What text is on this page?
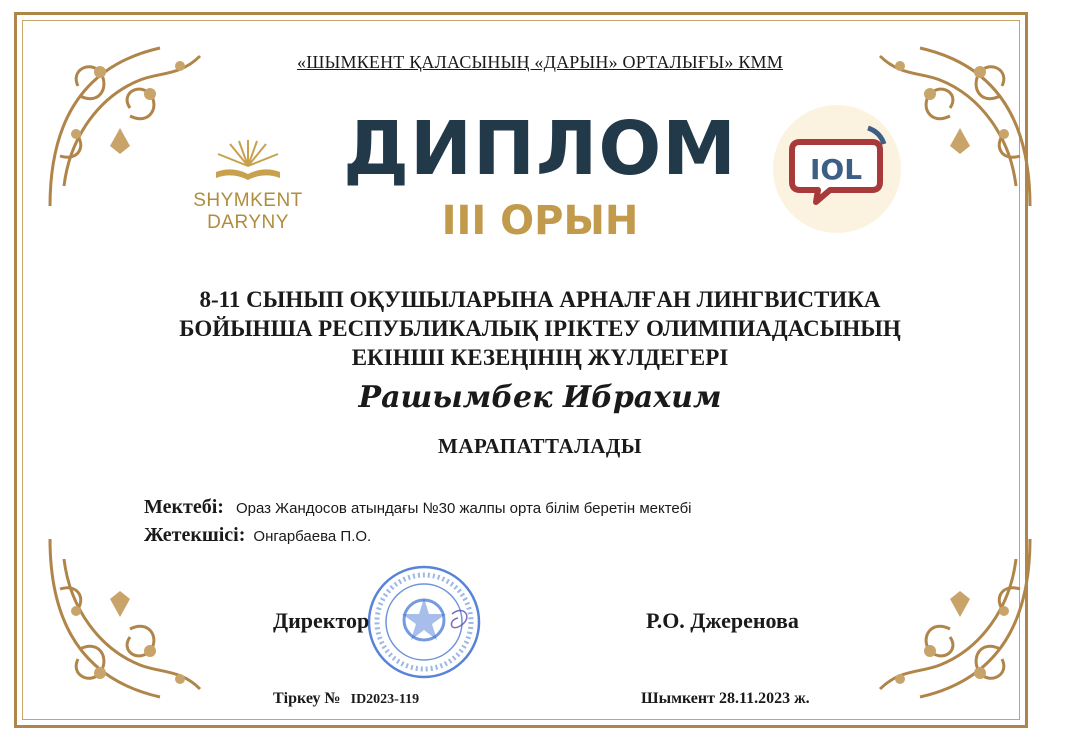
«ШЫМКЕНТ ҚАЛАСЫНЫҢ «ДАРЫН» ОРТАЛЫҒЫ» КММ
SHYMKENT DARYNY
ДИПЛОМ
III ОРЫН
IOL
8-11 СЫНЫП ОҚУШЫЛАРЫНА АРНАЛҒАН ЛИНГВИСТИКА
БОЙЫНША РЕСПУБЛИКАЛЫҚ ІРІКТЕУ ОЛИМПИАДАСЫНЫҢ
ЕКІНШІ КЕЗЕҢІНІҢ ЖҮЛДЕГЕРІ
Рашымбек Ибрахим
МАРАПАТТАЛАДЫ
Мектебі: Ораз Жандосов атындағы №30 жалпы орта білім беретін мектебі
Жетекшісі: Онгарбаева П.О.
Директор	Р.О. Джеренова
Тіркеу № ID2023-119	Шымкент 28.11.2023 ж.
